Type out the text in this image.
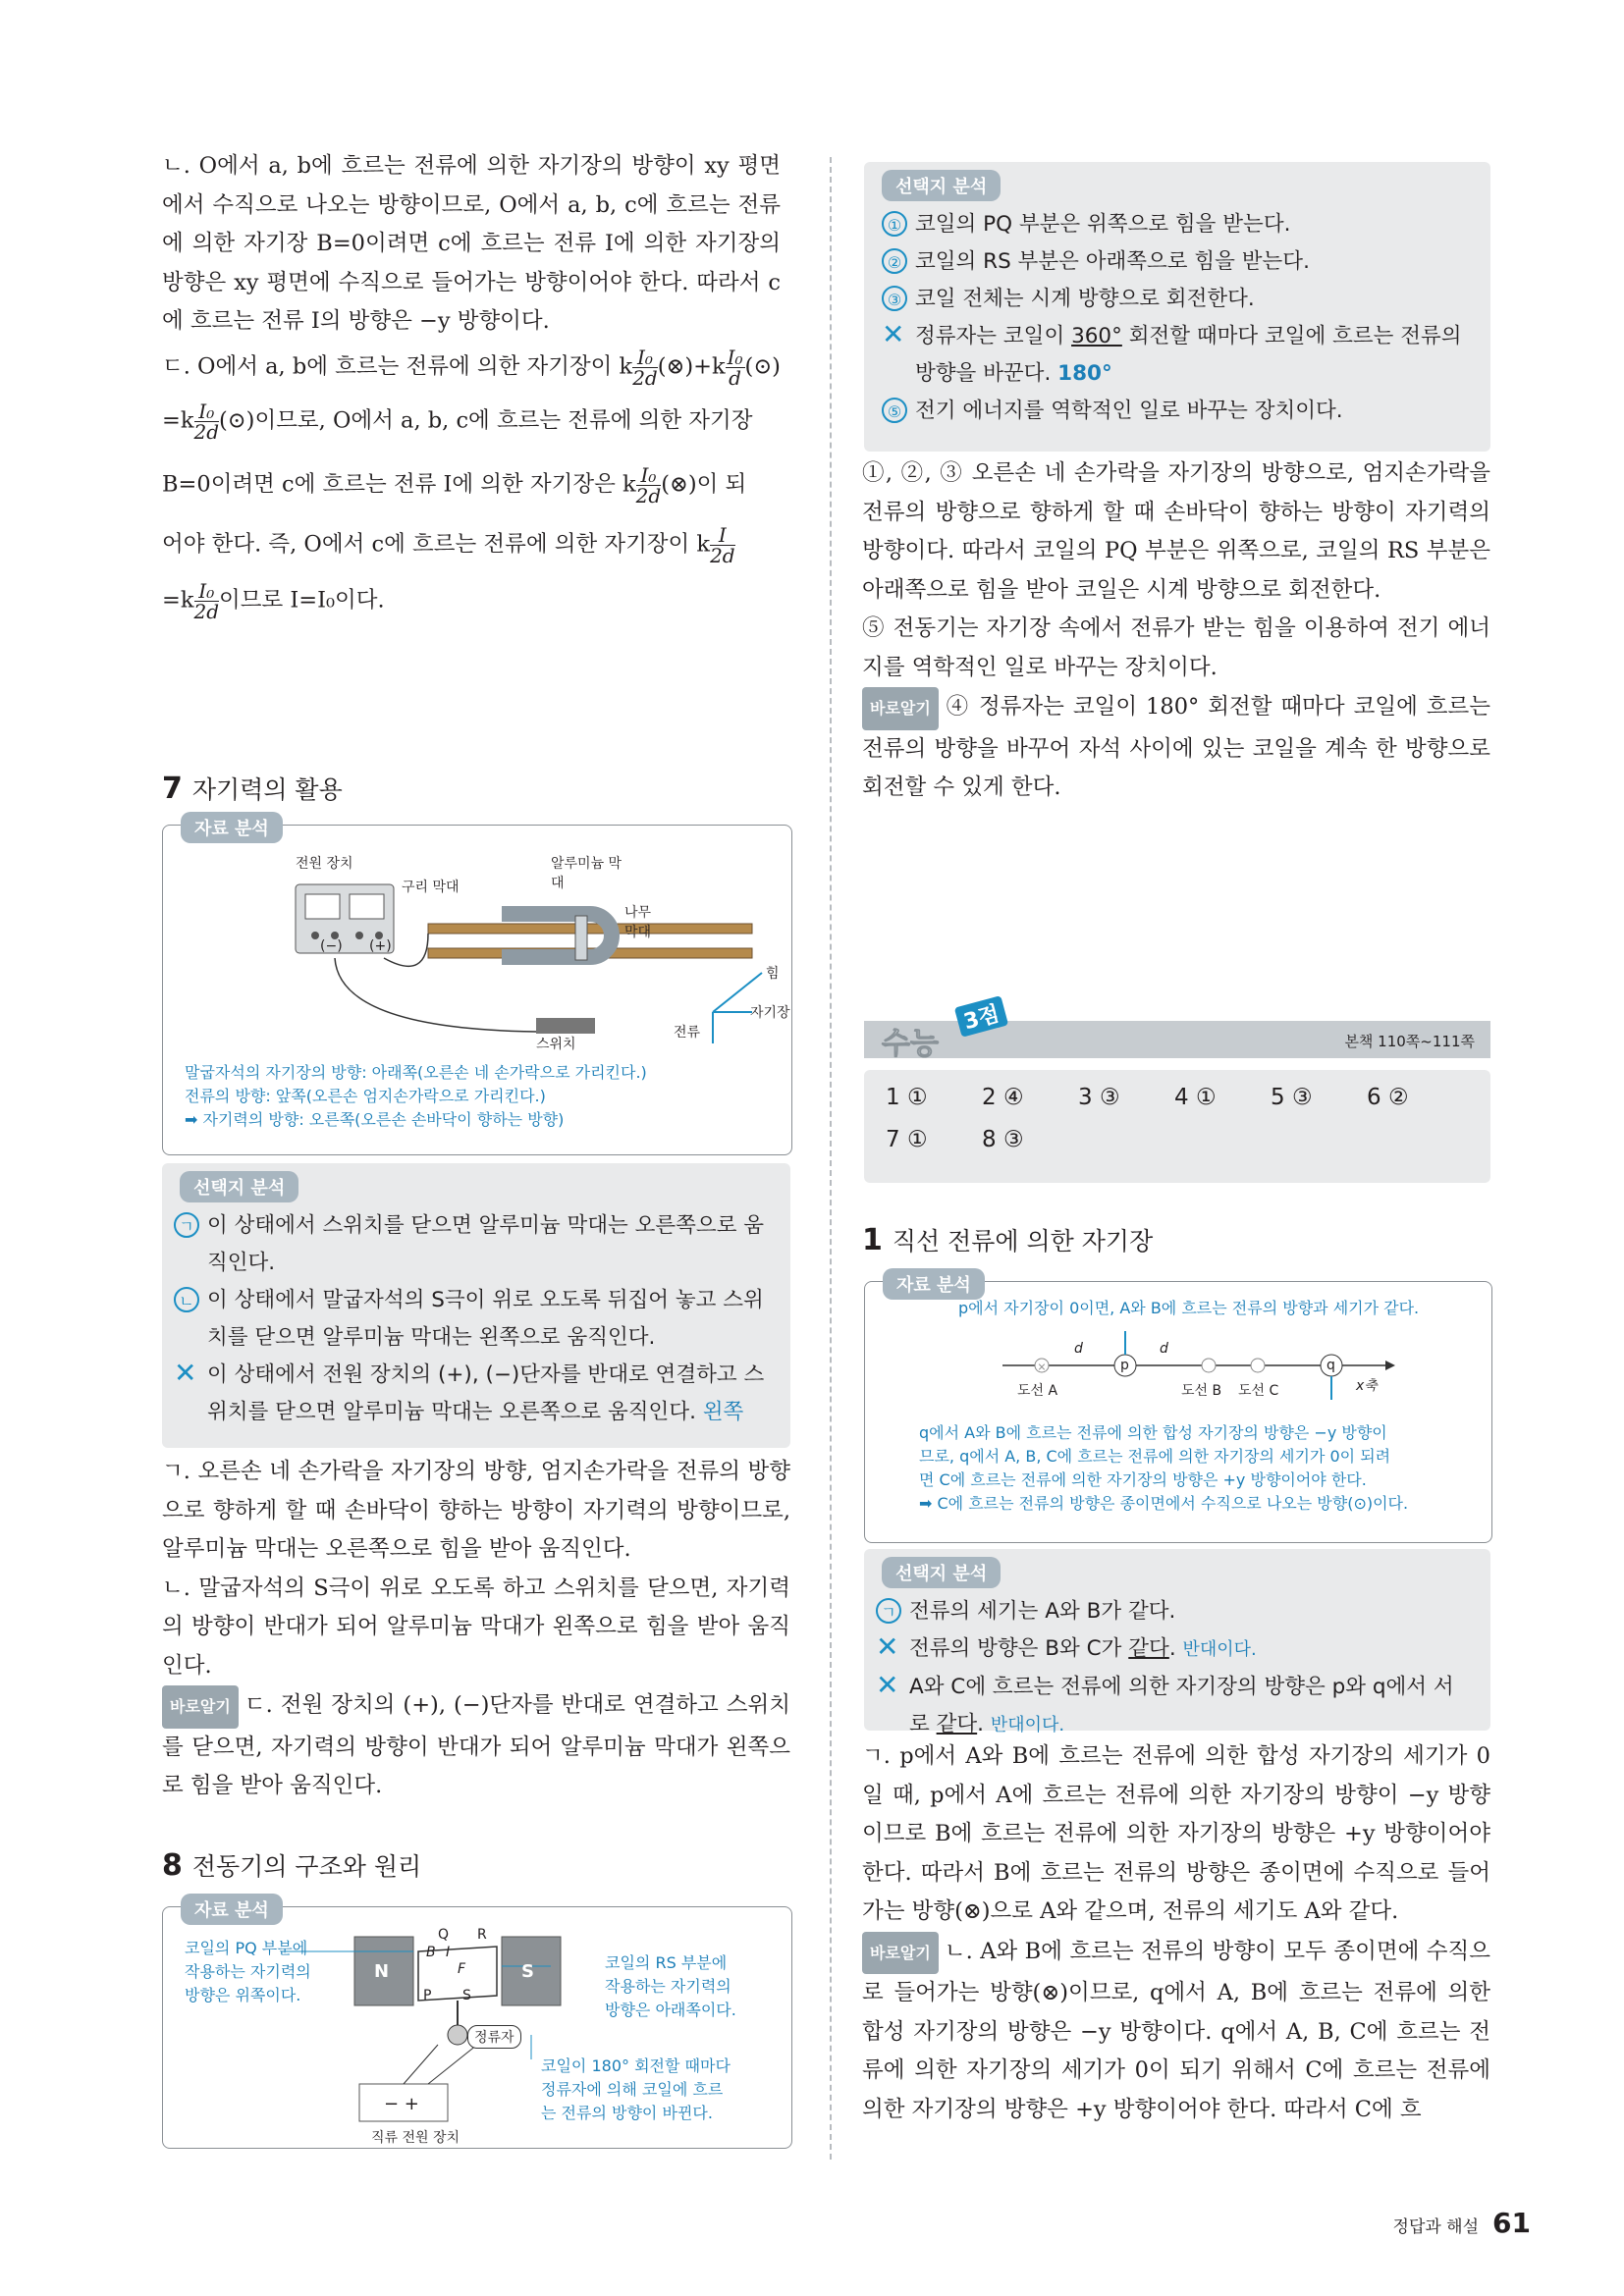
ㄴ. O에서 a, b에 흐르는 전류에 의한 자기장의 방향이 xy 평면에서 수직으로 나오는 방향이므로, O에서 a, b, c에 흐르는 전류에 의한 자기장 B=0이려면 c에 흐르는 전류 I에 의한 자기장의 방향은 xy 평면에 수직으로 들어가는 방향이어야 한다. 따라서 c에 흐르는 전류 I의 방향은 −y 방향이다.

ㄷ. O에서 a, b에 흐르는 전류에 의한 자기장이 k $\frac{\text{I₀}}{2d}$ (⊗)+k $\frac{\text{I₀}}{d}$ (⊙)

$=k \frac{\text{I₀}}{2d}$ (⊙)이므로, O에서 a, b, c에 흐르는 전류에 의한 자기장

B=0이려면 c에 흐르는 전류 I에 의한 자기장은 k $\frac{\text{I₀}}{2d}$ (⊗)이 되

어야 한다. 즉, O에서 c에 흐르는 전류에 의한 자기장이 k $\frac{I}{2d}$

$=k \frac{\text{I₀}}{2d}$ 이므로 I=I₀이다.

7 자기력의 활용
자료 분석
전원 장치
구리 막대
알루미늄 막대
나무 막대
(−) (+)
힘
자기장
전류
스위치
말굽자석의 자기장의 방향: 아래쪽(오른손 네 손가락으로 가리킨다.)
전류의 방향: 앞쪽(오른손 엄지손가락으로 가리킨다.)
➡ 자기력의 방향: 오른쪽(오른손 손바닥이 향하는 방향)
선택지 분석
ㄱ 이 상태에서 스위치를 닫으면 알루미늄 막대는 오른쪽으로 움직인다.
ㄴ 이 상태에서 말굽자석의 S극이 위로 오도록 뒤집어 놓고 스위치를 닫으면 알루미늄 막대는 왼쪽으로 움직인다.
✕ 이 상태에서 전원 장치의 (+), (−)단자를 반대로 연결하고 스위치를 닫으면 알루미늄 막대는 오른쪽으로 움직인다. 왼쪽

ㄱ. 오른손 네 손가락을 자기장의 방향, 엄지손가락을 전류의 방향으로 향하게 할 때 손바닥이 향하는 방향이 자기력의 방향이므로, 알루미늄 막대는 오른쪽으로 힘을 받아 움직인다.

ㄴ. 말굽자석의 S극이 위로 오도록 하고 스위치를 닫으면, 자기력의 방향이 반대가 되어 알루미늄 막대가 왼쪽으로 힘을 받아 움직인다.

바로알기 ㄷ. 전원 장치의 (+), (−)단자를 반대로 연결하고 스위치를 닫으면, 자기력의 방향이 반대가 되어 알루미늄 막대가 왼쪽으로 힘을 받아 움직인다.

8 전동기의 구조와 원리
자료 분석
N	S
P
Q R
S
F
B I
정류자
− +
직류 전원 장치
코일의 PQ 부분에
작용하는 자기력의
방향은 위쪽이다.
코일의 RS 부분에
작용하는 자기력의
방향은 아래쪽이다.
코일이 180° 회전할 때마다
정류자에 의해 코일에 흐르
는 전류의 방향이 바뀐다.
선택지 분석
① 코일의 PQ 부분은 위쪽으로 힘을 받는다.
② 코일의 RS 부분은 아래쪽으로 힘을 받는다.
③ 코일 전체는 시계 방향으로 회전한다.
✕ 정류자는 코일이 360° 회전할 때마다 코일에 흐르는 전류의 방향을 바꾼다. 180°
⑤ 전기 에너지를 역학적인 일로 바꾸는 장치이다.

①, ②, ③ 오른손 네 손가락을 자기장의 방향으로, 엄지손가락을 전류의 방향으로 향하게 할 때 손바닥이 향하는 방향이 자기력의 방향이다. 따라서 코일의 PQ 부분은 위쪽으로, 코일의 RS 부분은 아래쪽으로 힘을 받아 코일은 시계 방향으로 회전한다.

⑤ 전동기는 자기장 속에서 전류가 받는 힘을 이용하여 전기 에너지를 역학적인 일로 바꾸는 장치이다.

바로알기 ④ 정류자는 코일이 180° 회전할 때마다 코일에 흐르는 전류의 방향을 바꾸어 자석 사이에 있는 코일을 계속 한 방향으로 회전할 수 있게 한다.

수능
3점
본책 110쪽~111쪽
1 ① 2 ④ 3 ③ 4 ① 5 ③ 6 ②
7 ① 8 ③
1 직선 전류에 의한 자기장
자료 분석
p에서 자기장이 0이면, A와 B에 흐르는 전류의 방향과 세기가 같다.
×
d	d
p	q
도선 A	도선 B 도선 C	x축
q에서 A와 B에 흐르는 전류에 의한 합성 자기장의 방향은 −y 방향이
므로, q에서 A, B, C에 흐르는 전류에 의한 자기장의 세기가 0이 되려
면 C에 흐르는 전류에 의한 자기장의 방향은 +y 방향이어야 한다.
➡ C에 흐르는 전류의 방향은 종이면에서 수직으로 나오는 방향(⊙)이다.
선택지 분석
ㄱ 전류의 세기는 A와 B가 같다.
✕ 전류의 방향은 B와 C가 같다. 반대이다.
✕ A와 C에 흐르는 전류에 의한 자기장의 방향은 p와 q에서 서로 같다. 반대이다.

ㄱ. p에서 A와 B에 흐르는 전류에 의한 합성 자기장의 세기가 0일 때, p에서 A에 흐르는 전류에 의한 자기장의 방향이 −y 방향이므로 B에 흐르는 전류에 의한 자기장의 방향은 +y 방향이어야 한다. 따라서 B에 흐르는 전류의 방향은 종이면에 수직으로 들어가는 방향(⊗)으로 A와 같으며, 전류의 세기도 A와 같다.

바로알기 ㄴ. A와 B에 흐르는 전류의 방향이 모두 종이면에 수직으로 들어가는 방향(⊗)이므로, q에서 A, B에 흐르는 전류에 의한 합성 자기장의 방향은 −y 방향이다. q에서 A, B, C에 흐르는 전류에 의한 자기장의 세기가 0이 되기 위해서 C에 흐르는 전류에 의한 자기장의 방향은 +y 방향이어야 한다. 따라서 C에 흐

정답과 해설 61
